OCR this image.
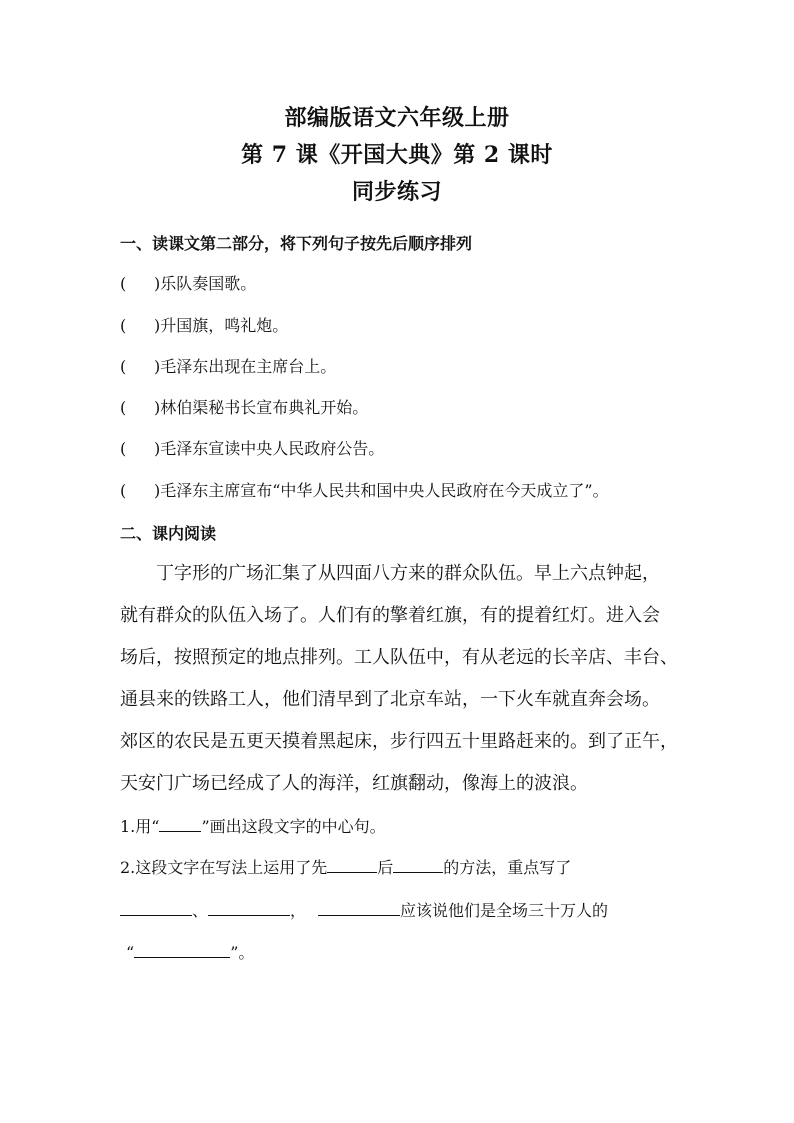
部编版语文六年级上册
第 7 课《开国大典》第 2 课时
同步练习
一、读课文第二部分，将下列句子按先后顺序排列
( )乐队奏国歌。
( )升国旗，鸣礼炮。
( )毛泽东出现在主席台上。
( )林伯渠秘书长宣布典礼开始。
( )毛泽东宣读中央人民政府公告。
( )毛泽东主席宣布“中华人民共和国中央人民政府在今天成立了”。
二、课内阅读
丁字形的广场汇集了从四面八方来的群众队伍。早上六点钟起，
就有群众的队伍入场了。人们有的擎着红旗，有的提着红灯。进入会
场后，按照预定的地点排列。工人队伍中，有从老远的长辛店、丰台、
通县来的铁路工人，他们清早到了北京车站，一下火车就直奔会场。
郊区的农民是五更天摸着黑起床，步行四五十里路赶来的。到了正午，
天安门广场已经成了人的海洋，红旗翻动，像海上的波浪。
1.用“	”画出这段文字的中心句。
2.这段文字在写法上运用了先	后	的方法，重点写了
、	，	应该说他们是全场三十万人的
“	”。
